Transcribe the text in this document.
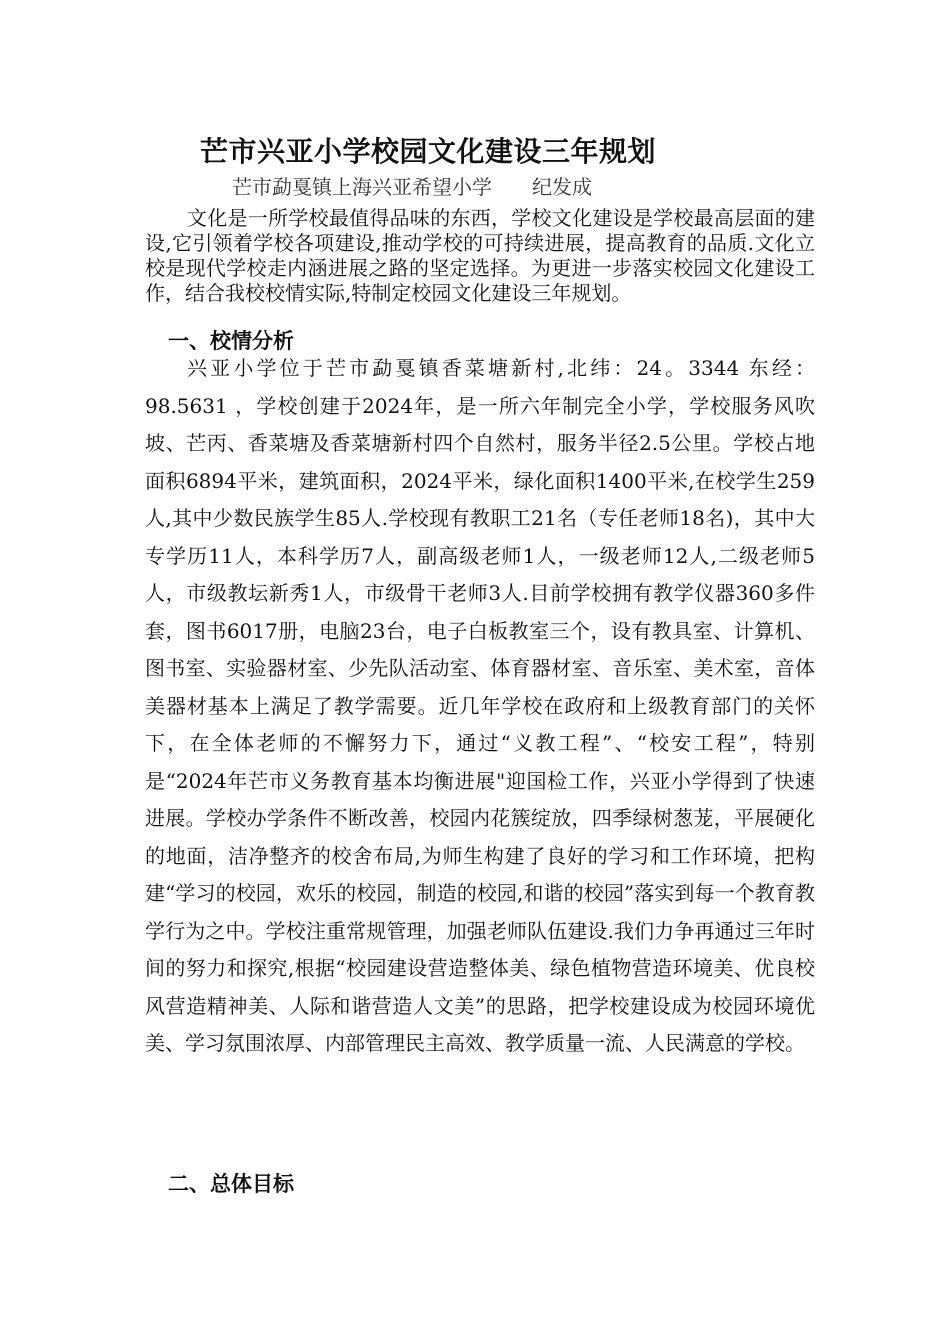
芒市兴亚小学校园文化建设三年规划
芒市勐戛镇上海兴亚希望小学 纪发成

文化是一所学校最值得品味的东西，学校文化建设是学校最高层面的建设,它引领着学校各项建设,推动学校的可持续进展，提高教育的品质.文化立校是现代学校走内涵进展之路的坚定选择。为更进一步落实校园文化建设工作，结合我校校情实际,特制定校园文化建设三年规划。

一、校情分析

兴亚小学位于芒市勐戛镇香菜塘新村,北纬：24。3344 东经：98.5631 ，学校创建于2024年，是一所六年制完全小学，学校服务风吹坡、芒丙、香菜塘及香菜塘新村四个自然村，服务半径2.5公里。学校占地面积6894平米，建筑面积，2024平米，绿化面积1400平米,在校学生259人,其中少数民族学生85人.学校现有教职工21名（专任老师18名)，其中大专学历11人，本科学历7人，副高级老师1人，一级老师12人,二级老师5人，市级教坛新秀1人，市级骨干老师3人.目前学校拥有教学仪器360多件套，图书6017册，电脑23台，电子白板教室三个，设有教具室、计算机、图书室、实验器材室、少先队活动室、体育器材室、音乐室、美术室，音体美器材基本上满足了教学需要。近几年学校在政府和上级教育部门的关怀下，在全体老师的不懈努力下，通过“义教工程”、“校安工程”，特别是“2024年芒市义务教育基本均衡进展"迎国检工作，兴亚小学得到了快速进展。学校办学条件不断改善，校园内花簇绽放，四季绿树葱茏，平展硬化的地面，洁净整齐的校舍布局,为师生构建了良好的学习和工作环境，把构建“学习的校园，欢乐的校园，制造的校园,和谐的校园”落实到每一个教育教学行为之中。学校注重常规管理，加强老师队伍建设.我们力争再通过三年时间的努力和探究,根据“校园建设营造整体美、绿色植物营造环境美、优良校风营造精神美、人际和谐营造人文美”的思路，把学校建设成为校园环境优美、学习氛围浓厚、内部管理民主高效、教学质量一流、人民满意的学校。

二、总体目标
